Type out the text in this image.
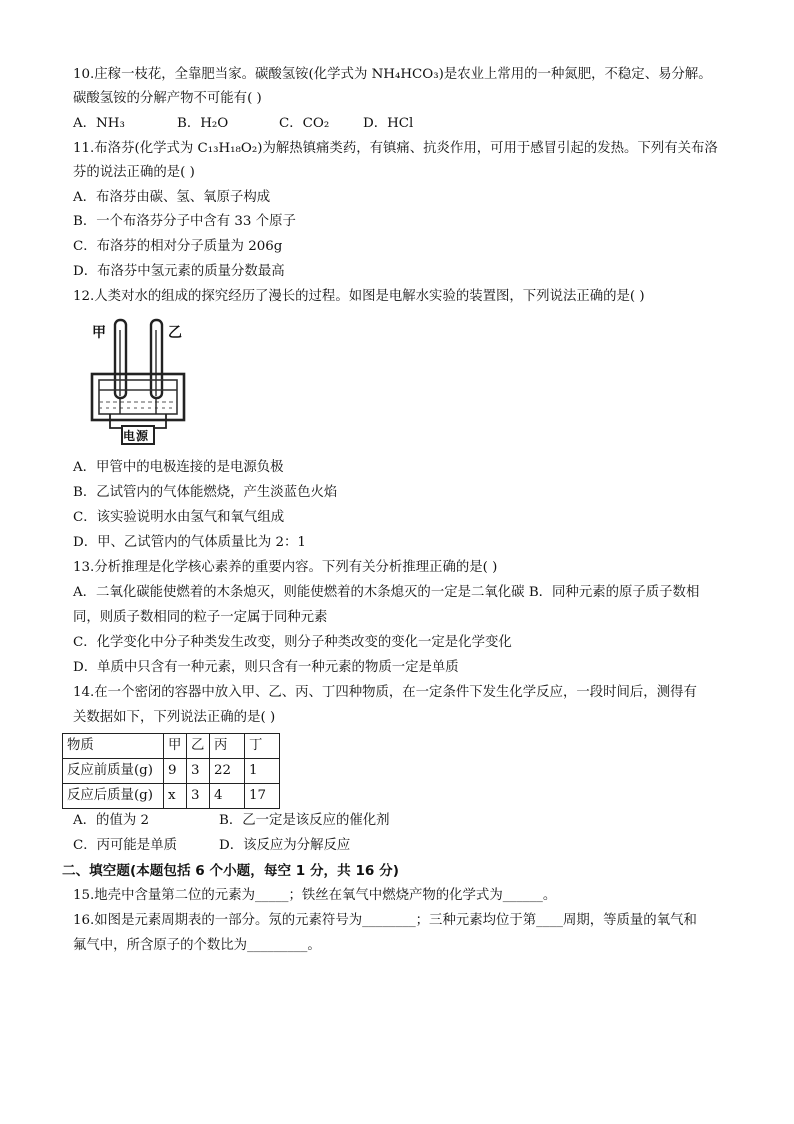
10.庄稼一枝花，全靠肥当家。碳酸氢铵(化学式为 NH₄HCO₃)是农业上常用的一种氮肥，不稳定、易分解。
碳酸氢铵的分解产物不可能有( )
A．NH₃	B．H₂O	C．CO₂	D．HCl
11.布洛芬(化学式为 C₁₃H₁₈O₂)为解热镇痛类药，有镇痛、抗炎作用，可用于感冒引起的发热。下列有关布洛
芬的说法正确的是( )
A．布洛芬由碳、氢、氧原子构成
B．一个布洛芬分子中含有 33 个原子
C．布洛芬的相对分子质量为 206g
D．布洛芬中氢元素的质量分数最高
12.人类对水的组成的探究经历了漫长的过程。如图是电解水实验的装置图，下列说法正确的是( )
甲	乙
电源
A．甲管中的电极连接的是电源负极
B．乙试管内的气体能燃烧，产生淡蓝色火焰
C．该实验说明水由氢气和氧气组成
D．甲、乙试管内的气体质量比为 2：1
13.分析推理是化学核心素养的重要内容。下列有关分析推理正确的是( )
A．二氧化碳能使燃着的木条熄灭，则能使燃着的木条熄灭的一定是二氧化碳 B．同种元素的原子质子数相
同，则质子数相同的粒子一定属于同种元素
C．化学变化中分子种类发生改变，则分子种类改变的变化一定是化学变化
D．单质中只含有一种元素，则只含有一种元素的物质一定是单质
14.在一个密闭的容器中放入甲、乙、丙、丁四种物质，在一定条件下发生化学反应，一段时间后，测得有
关数据如下，下列说法正确的是( )
物质	甲	乙	丙	丁
反应前质量(g)	9	3	22	1
反应后质量(g)	x	3	4	17
A．的值为 2	B．乙一定是该反应的催化剂
C．丙可能是单质	D．该反应为分解反应
二、填空题(本题包括 6 个小题，每空 1 分，共 16 分)
15.地壳中含量第二位的元素为_____；铁丝在氧气中燃烧产物的化学式为______。
16.如图是元素周期表的一部分。氖的元素符号为________；三种元素均位于第____周期，等质量的氧气和
氟气中，所含原子的个数比为_________。
